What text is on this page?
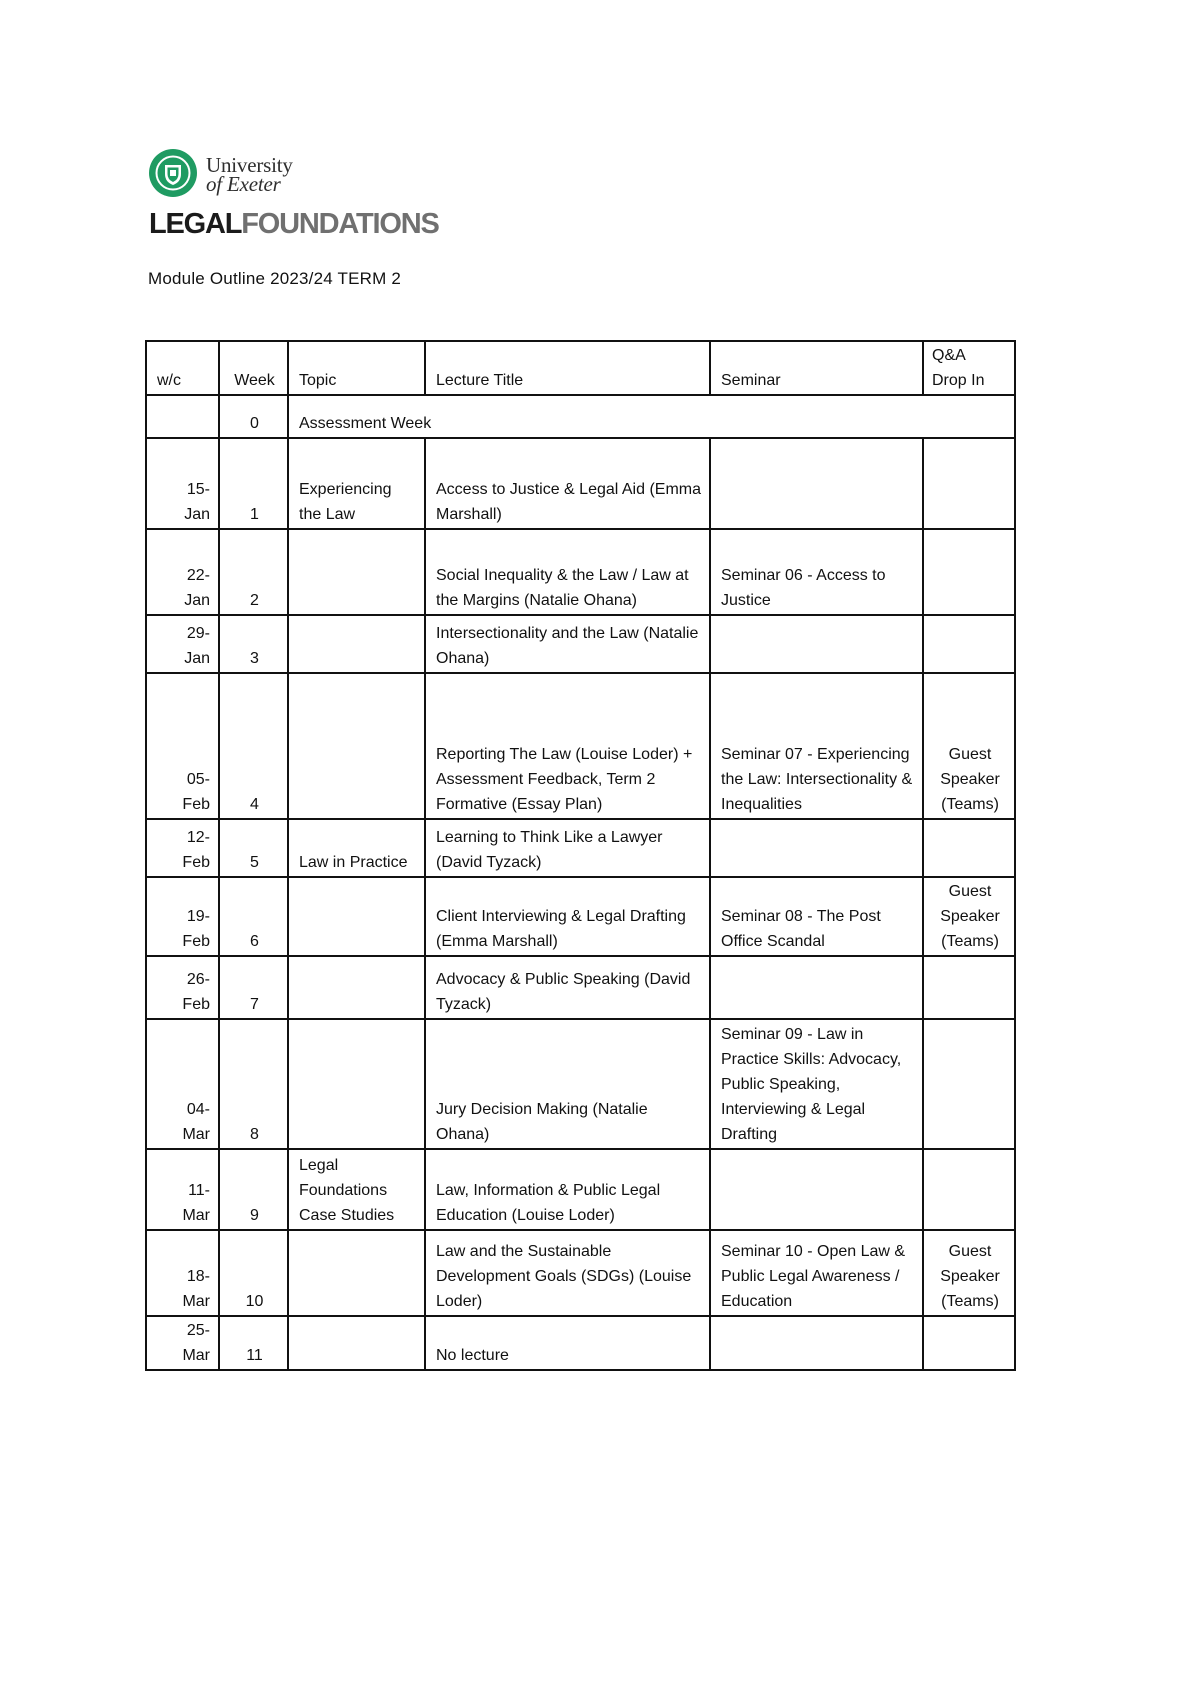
University
of Exeter
LEGALFOUNDATIONS
Module Outline 2023/24 TERM 2
w/c	Week	Topic	Lecture Title	Seminar	Q&A
Drop In

	0	Assessment Week			

15-
Jan	1	Experiencing the Law	Access to Justice & Legal Aid (Emma Marshall)		

22-
Jan	2		Social Inequality & the Law / Law at the Margins (Natalie Ohana)	Seminar 06 - Access to Justice	

29-
Jan	3		Intersectionality and the Law (Natalie Ohana)		

05-
Feb	4		Reporting The Law (Louise Loder) + Assessment Feedback, Term 2 Formative (Essay Plan)	Seminar 07 - Experiencing the Law: Intersectionality & Inequalities	Guest Speaker (Teams)

12-
Feb	5	Law in Practice	Learning to Think Like a Lawyer (David Tyzack)		

19-
Feb	6		Client Interviewing & Legal Drafting (Emma Marshall)	Seminar 08 - The Post Office Scandal	Guest Speaker (Teams)

26-
Feb	7		Advocacy & Public Speaking (David Tyzack)		

04-
Mar	8		Jury Decision Making (Natalie Ohana)	Seminar 09 - Law in Practice Skills: Advocacy, Public Speaking, Interviewing & Legal Drafting	

11-
Mar	9	Legal Foundations Case Studies	Law, Information & Public Legal Education (Louise Loder)		

18-
Mar	10		Law and the Sustainable Development Goals (SDGs) (Louise Loder)	Seminar 10 - Open Law & Public Legal Awareness / Education	Guest Speaker (Teams)

25-
Mar	11		No lecture		
